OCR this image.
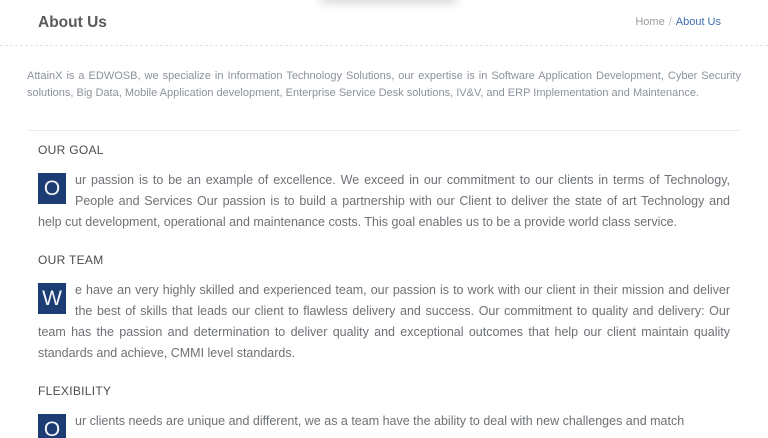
About Us	Home / About Us

AttainX is a EDWOSB, we specialize in Information Technology Solutions, our expertise is in Software Application Development, Cyber Security solutions, Big Data, Mobile Application development, Enterprise Service Desk solutions, IV&V, and ERP Implementation and Maintenance.

OUR GOAL

O	ur passion is to be an example of excellence. We exceed in our commitment to our clients in terms of Technology, People and Services Our passion is to build a partnership with our Client to deliver the state of art Technology and help cut development, operational and maintenance costs. This goal enables us to be a provide world class service.

OUR TEAM

W	e have an very highly skilled and experienced team, our passion is to work with our client in their mission and deliver the best of skills that leads our client to flawless delivery and success. Our commitment to quality and delivery: Our team has the passion and determination to deliver quality and exceptional outcomes that help our client maintain quality standards and achieve, CMMI level standards.

FLEXIBILITY

O	ur clients needs are unique and different, we as a team have the ability to deal with new challenges and match
